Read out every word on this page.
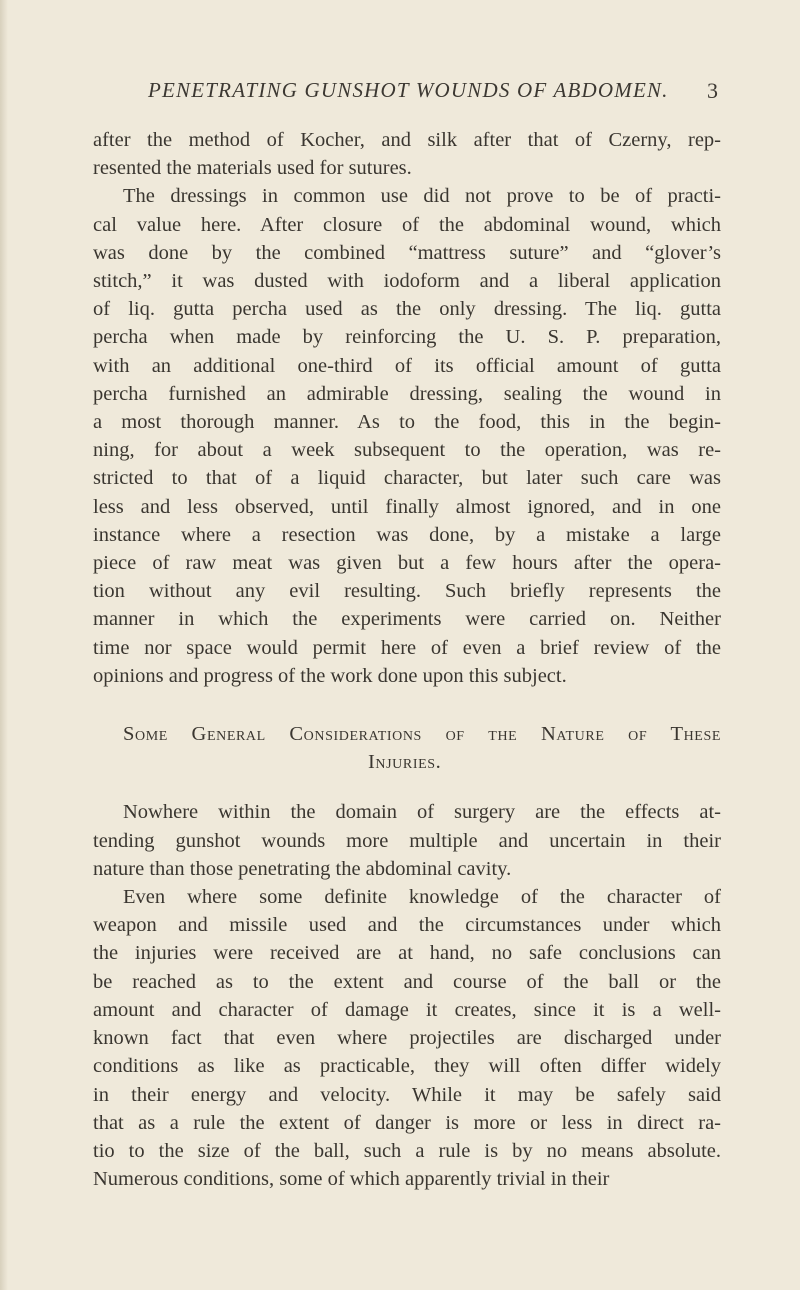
PENETRATING GUNSHOT WOUNDS OF ABDOMEN. 3

after the method of Kocher, and silk after that of Czerny, rep-
resented the materials used for sutures.

The dressings in common use did not prove to be of practi-
cal value here. After closure of the abdominal wound, which
was done by the combined “mattress suture” and “glover’s
stitch,” it was dusted with iodoform and a liberal application
of liq. gutta percha used as the only dressing. The liq. gutta
percha when made by reinforcing the U. S. P. preparation,
with an additional one-third of its official amount of gutta
percha furnished an admirable dressing, sealing the wound in
a most thorough manner. As to the food, this in the begin-
ning, for about a week subsequent to the operation, was re-
stricted to that of a liquid character, but later such care was
less and less observed, until finally almost ignored, and in one
instance where a resection was done, by a mistake a large
piece of raw meat was given but a few hours after the opera-
tion without any evil resulting. Such briefly represents the
manner in which the experiments were carried on. Neither
time nor space would permit here of even a brief review of the
opinions and progress of the work done upon this subject.

Some General Considerations of the Nature of These
Injuries.

Nowhere within the domain of surgery are the effects at-
tending gunshot wounds more multiple and uncertain in their
nature than those penetrating the abdominal cavity.

Even where some definite knowledge of the character of
weapon and missile used and the circumstances under which
the injuries were received are at hand, no safe conclusions can
be reached as to the extent and course of the ball or the
amount and character of damage it creates, since it is a well-
known fact that even where projectiles are discharged under
conditions as like as practicable, they will often differ widely
in their energy and velocity. While it may be safely said
that as a rule the extent of danger is more or less in direct ra-
tio to the size of the ball, such a rule is by no means absolute.
Numerous conditions, some of which apparently trivial in their
